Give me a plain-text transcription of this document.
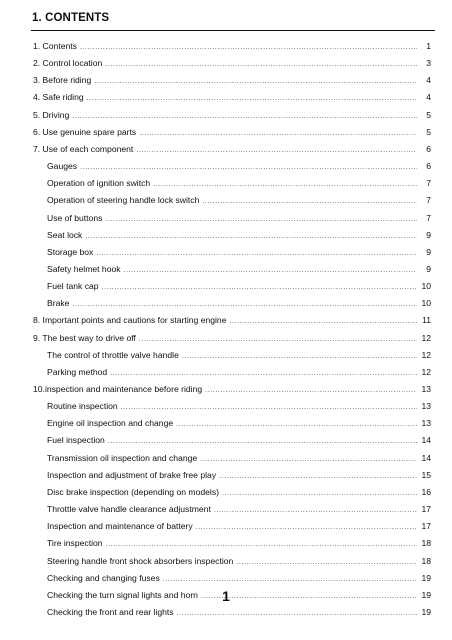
1. CONTENTS
1. Contents .....	1
2. Control location .....	3
3. Before riding .....	4
4. Safe riding .....	4
5. Driving .....	5
6. Use genuine spare parts .....	5
7. Use of each component .....	6
Gauges .....	6
Operation of ignition switch .....	7
Operation of steering handle lock switch .....	7
Use of buttons .....	7
Seat lock .....	9
Storage box .....	9
Safety helmet hook .....	9
Fuel tank cap .....	10
Brake .....	10
8. Important points and cautions for starting engine .....	11
9. The best way to drive off .....	12
The control of throttle valve handle .....	12
Parking method .....	12
10.inspection and maintenance before riding .....	13
Routine inspection .....	13
Engine oil inspection and change .....	13
Fuel inspection .....	14
Transmission oil inspection and change .....	14
Inspection and adjustment of brake free play .....	15
Disc brake inspection (depending on models) .....	16
Throttle valve handle clearance adjustment .....	17
Inspection and maintenance of battery .....	17
Tire inspection .....	18
Steering handle front shock absorbers inspection .....	18
Checking and changing fuses .....	19
Checking the turn signal lights and horn .....	19
Checking the front and rear lights .....	19
1
